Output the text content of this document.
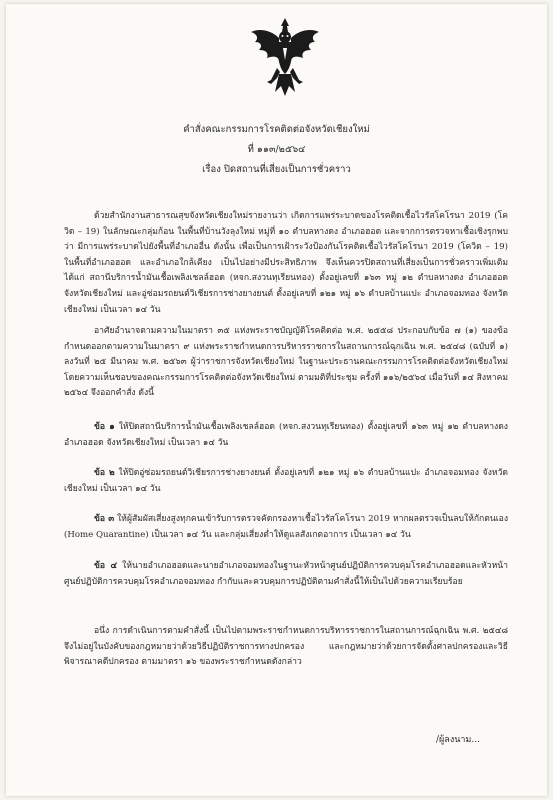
คำสั่งคณะกรรมการโรคติดต่อจังหวัดเชียงใหม่
ที่ ๑๑๓/๒๕๖๔
เรื่อง ปิดสถานที่เสี่ยงเป็นการชั่วคราว
ด้วยสำนักงานสาธารณสุขจังหวัดเชียงใหม่รายงานว่า เกิดการแพร่ระบาดของโรคติดเชื้อไวรัสโคโรนา 2019 (โควิด – 19) ในลักษณะกลุ่มก้อน ในพื้นที่บ้านวังลุงใหม่ หมู่ที่ ๑๐ ตำบลหางดง อำเภอฮอด และจากการตรวจหาเชื้อเชิงรุกพบว่า มีการแพร่ระบาดไปยังพื้นที่อำเภออื่น ดังนั้น เพื่อเป็นการเฝ้าระวังป้องกันโรคติดเชื้อไวรัสโคโรนา 2019 (โควิด – 19) ในพื้นที่อำเภอฮอด และอำเภอใกล้เคียง เป็นไปอย่างมีประสิทธิภาพ จึงเห็นควรปิดสถานที่เสี่ยงเป็นการชั่วคราวเพิ่มเติม ได้แก่ สถานีบริการน้ำมันเชื้อเพลิงเชลล์ฮอด (หจก.สงวนทุเรียนทอง) ตั้งอยู่เลขที่ ๑๖๓ หมู่ ๑๒ ตำบลหางดง อำเภอฮอด จังหวัดเชียงใหม่ และอู่ซ่อมรถยนต์วิเชียรการช่างยางยนต์ ตั้งอยู่เลขที่ ๑๒๑ หมู่ ๑๖ ตำบลบ้านแปะ อำเภอจอมทอง จังหวัดเชียงใหม่ เป็นเวลา ๑๔ วัน
อาศัยอำนาจตามความในมาตรา ๓๕ แห่งพระราชบัญญัติโรคติดต่อ พ.ศ. ๒๕๕๘ ประกอบกับข้อ ๗ (๑) ของข้อกำหนดออกตามความในมาตรา ๙ แห่งพระราชกำหนดการบริหารราชการในสถานการณ์ฉุกเฉิน พ.ศ. ๒๕๔๘ (ฉบับที่ ๑) ลงวันที่ ๒๕ มีนาคม พ.ศ. ๒๕๖๓ ผู้ว่าราชการจังหวัดเชียงใหม่ ในฐานะประธานคณะกรรมการโรคติดต่อจังหวัดเชียงใหม่ โดยความเห็นชอบของคณะกรรมการโรคติดต่อจังหวัดเชียงใหม่ ตามมติที่ประชุม ครั้งที่ ๑๑๖/๒๕๖๔ เมื่อวันที่ ๑๔ สิงหาคม ๒๕๖๔ จึงออกคำสั่ง ดังนี้
ข้อ ๑ ให้ปิดสถานีบริการน้ำมันเชื้อเพลิงเชลล์ฮอด (หจก.สงวนทุเรียนทอง) ตั้งอยู่เลขที่ ๑๖๓ หมู่ ๑๒ ตำบลหางดง อำเภอฮอด จังหวัดเชียงใหม่ เป็นเวลา ๑๔ วัน
ข้อ ๒ ให้ปิดอู่ซ่อมรถยนต์วิเชียรการช่างยางยนต์ ตั้งอยู่เลขที่ ๑๒๑ หมู่ ๑๖ ตำบลบ้านแปะ อำเภอจอมทอง จังหวัดเชียงใหม่ เป็นเวลา ๑๔ วัน
ข้อ ๓ ให้ผู้สัมผัสเสี่ยงสูงทุกคนเข้ารับการตรวจคัดกรองหาเชื้อไวรัสโคโรนา 2019 หากผลตรวจเป็นลบให้กักตนเอง (Home Quarantine) เป็นเวลา ๑๔ วัน และกลุ่มเสี่ยงต่ำให้ดูแลสังเกตอาการ เป็นเวลา ๑๔ วัน
ข้อ ๔ ให้นายอำเภอฮอดและนายอำเภอจอมทองในฐานะหัวหน้าศูนย์ปฏิบัติการควบคุมโรคอำเภอฮอดและหัวหน้าศูนย์ปฏิบัติการควบคุมโรคอำเภอจอมทอง กำกับและควบคุมการปฏิบัติตามคำสั่งนี้ให้เป็นไปด้วยความเรียบร้อย
อนึ่ง การดำเนินการตามคำสั่งนี้ เป็นไปตามพระราชกำหนดการบริหารราชการในสถานการณ์ฉุกเฉิน พ.ศ. ๒๕๔๘ จึงไม่อยู่ในบังคับของกฎหมายว่าด้วยวิธีปฏิบัติราชการทางปกครอง และกฎหมายว่าด้วยการจัดตั้งศาลปกครองและวิธีพิจารณาคดีปกครอง ตามมาตรา ๑๖ ของพระราชกำหนดดังกล่าว
/ผู้ลงนาม...
